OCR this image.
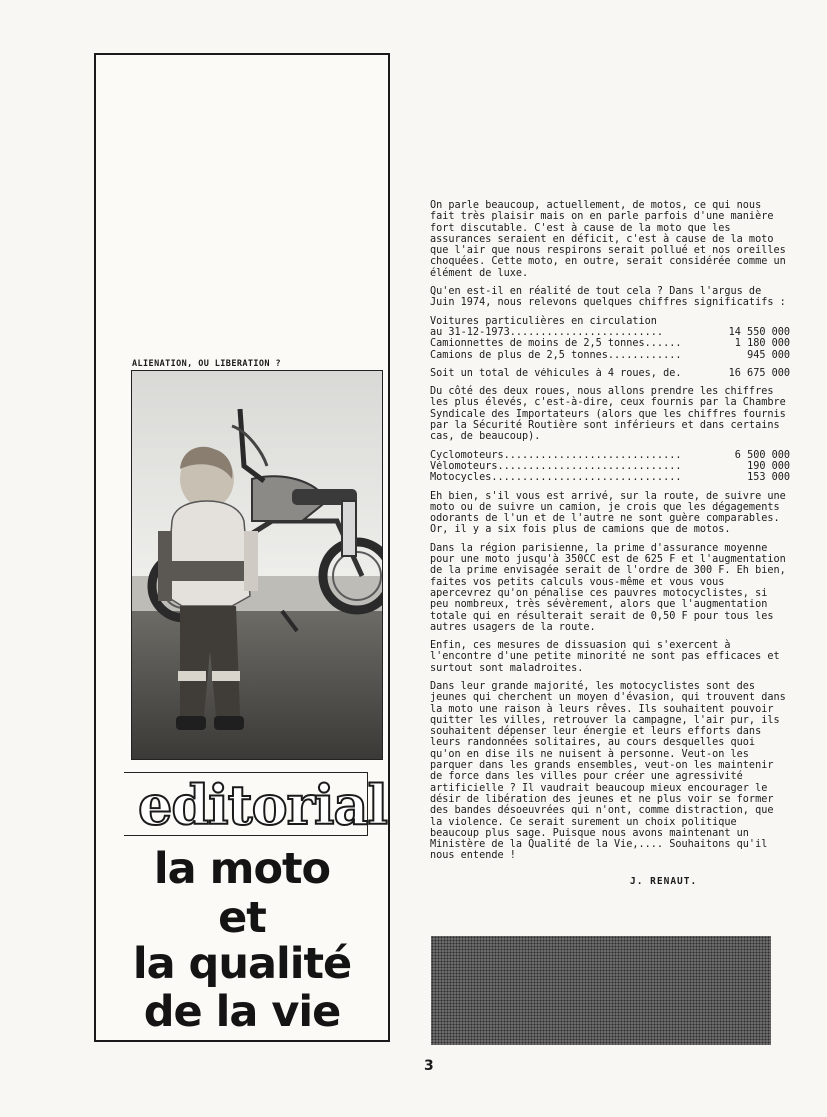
ALIENATION, OU LIBERATION ?
editorial
la moto
et
la qualité
de la vie

On parle beaucoup, actuellement, de motos, ce qui nous fait très plaisir mais on en parle parfois d'une manière fort discutable. C'est à cause de la moto que les assurances seraient en déficit, c'est à cause de la moto que l'air que nous respirons serait pollué et nos oreilles choquées. Cette moto, en outre, serait considérée comme un élément de luxe.

Qu'en est-il en réalité de tout cela ? Dans l'argus de Juin 1974, nous relevons quelques chiffres significatifs :

Voitures particulières en circulation
au 31-12-1973.........................	14 550 000
Camionnettes de moins de 2,5 tonnes......	1 180 000
Camions de plus de 2,5 tonnes............	945 000
Soit un total de véhicules à 4 roues, de.	16 675 000

Du côté des deux roues, nous allons prendre les chiffres les plus élevés, c'est-à-dire, ceux fournis par la Chambre Syndicale des Importateurs (alors que les chiffres fournis par la Sécurité Routière sont inférieurs et dans certains cas, de beaucoup).

Cyclomoteurs.............................	6 500 000
Vélomoteurs..............................	190 000
Motocycles...............................	153 000

Eh bien, s'il vous est arrivé, sur la route, de suivre une moto ou de suivre un camion, je crois que les dégagements odorants de l'un et de l'autre ne sont guère comparables. Or, il y a six fois plus de camions que de motos.

Dans la région parisienne, la prime d'assurance moyenne pour une moto jusqu'à 350CC est de 625 F et l'augmentation de la prime envisagée serait de l'ordre de 300 F. Eh bien, faites vos petits calculs vous-même et vous vous apercevrez qu'on pénalise ces pauvres motocyclistes, si peu nombreux, très sévèrement, alors que l'augmentation totale qui en résulterait serait de 0,50 F pour tous les autres usagers de la route.

Enfin, ces mesures de dissuasion qui s'exercent à l'encontre d'une petite minorité ne sont pas efficaces et surtout sont maladroites.

Dans leur grande majorité, les motocyclistes sont des jeunes qui cherchent un moyen d'évasion, qui trouvent dans la moto une raison à leurs rêves. Ils souhaitent pouvoir quitter les villes, retrouver la campagne, l'air pur, ils souhaitent dépenser leur énergie et leurs efforts dans leurs randonnées solitaires, au cours desquelles quoi qu'on en dise ils ne nuisent à personne. Veut-on les parquer dans les grands ensembles, veut-on les maintenir de force dans les villes pour créer une agressivité artificielle ? Il vaudrait beaucoup mieux encourager le désir de libération des jeunes et ne plus voir se former des bandes désoeuvrées qui n'ont, comme distraction, que la violence. Ce serait surement un choix politique beaucoup plus sage. Puisque nous avons maintenant un Ministère de la Qualité de la Vie,.... Souhaitons qu'il nous entende !

J. RENAUT.
3
